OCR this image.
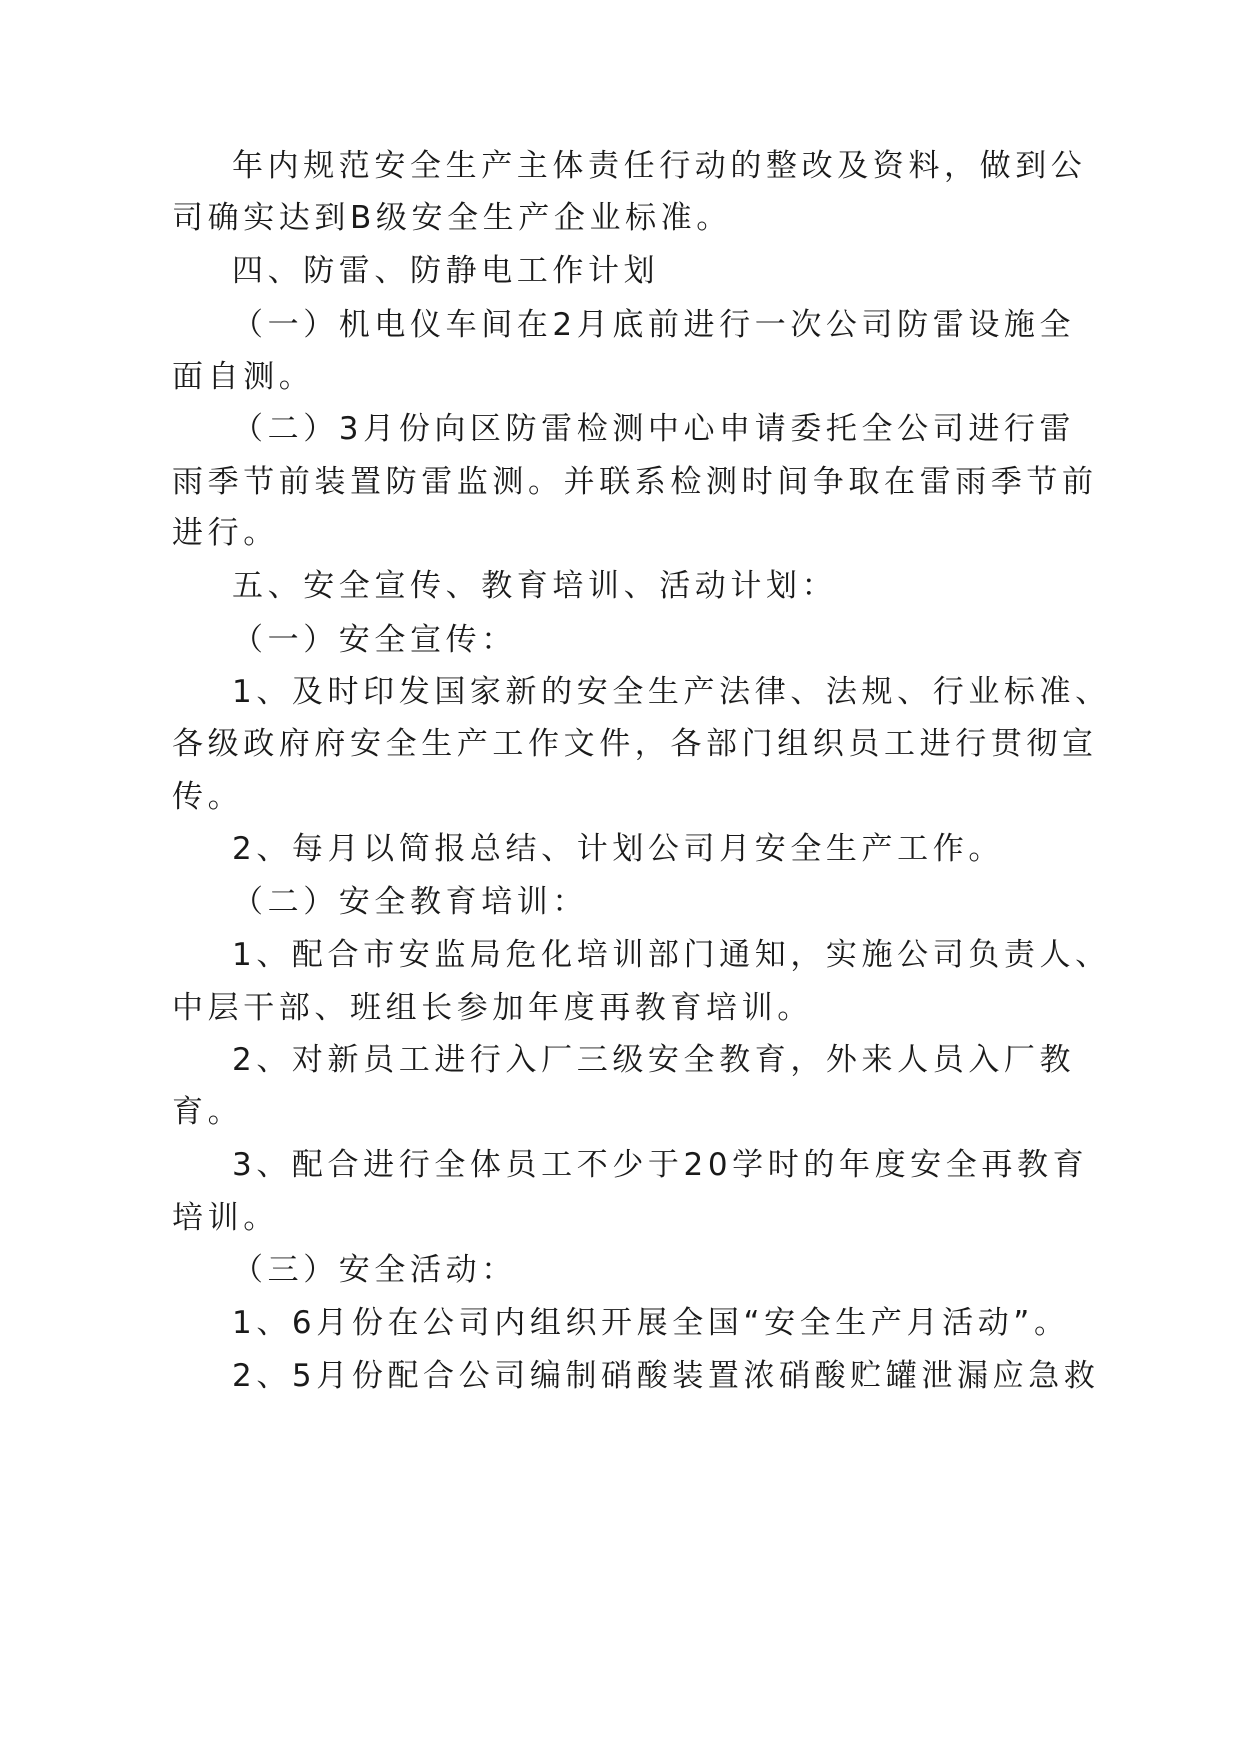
年内规范安全生产主体责任行动的整改及资料，做到公
司确实达到B级安全生产企业标准。
四、防雷、防静电工作计划
（一）机电仪车间在2月底前进行一次公司防雷设施全
面自测。
（二）3月份向区防雷检测中心申请委托全公司进行雷
雨季节前装置防雷监测。并联系检测时间争取在雷雨季节前
进行。
五、安全宣传、教育培训、活动计划：
（一）安全宣传：
1、及时印发国家新的安全生产法律、法规、行业标准、
各级政府府安全生产工作文件，各部门组织员工进行贯彻宣
传。
2、每月以简报总结、计划公司月安全生产工作。
（二）安全教育培训：
1、配合市安监局危化培训部门通知，实施公司负责人、
中层干部、班组长参加年度再教育培训。
2、对新员工进行入厂三级安全教育，外来人员入厂教
育。
3、配合进行全体员工不少于20学时的年度安全再教育
培训。
（三）安全活动：
1、6月份在公司内组织开展全国“安全生产月活动”。
2、5月份配合公司编制硝酸装置浓硝酸贮罐泄漏应急救
